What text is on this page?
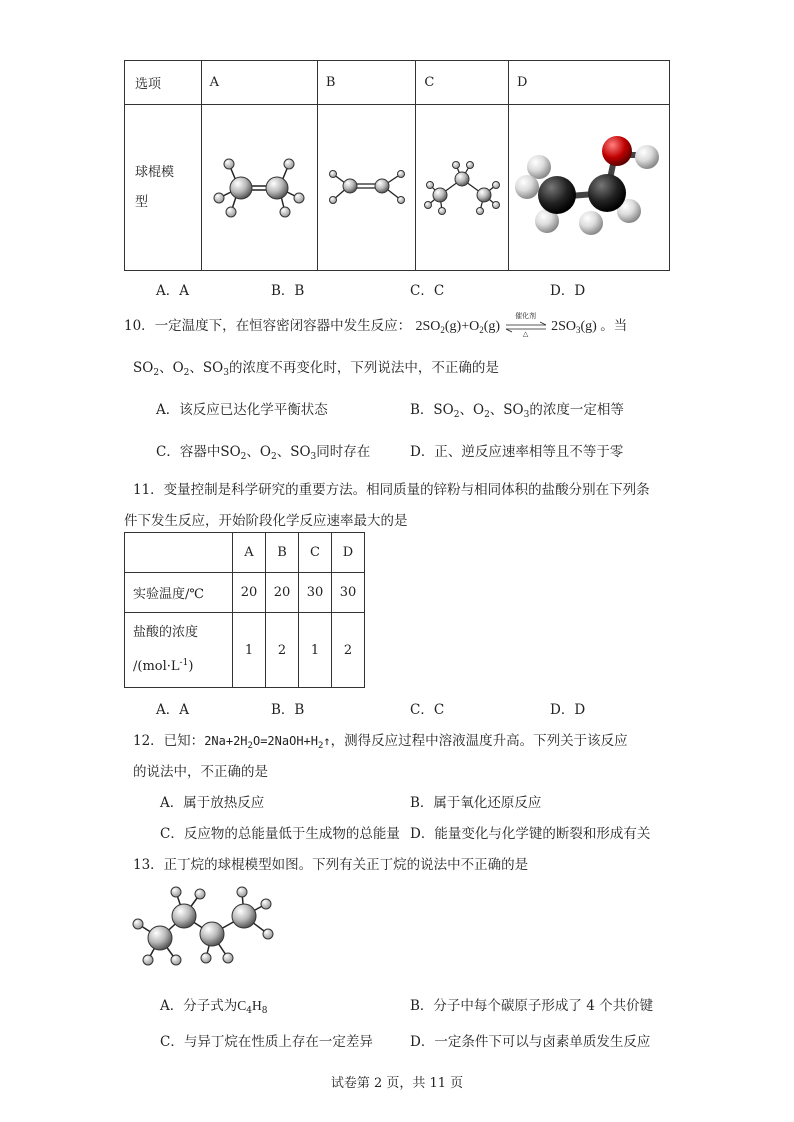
选项	A	B	C	D

球棍模
型

A．A	B．B	C．C	D．D
10．一定温度下，在恒容密闭容器中发生反应： $2SO_2(g)+O_2(g)$
催化剂
△	$2SO_3(g)$ 。当
$SO_2$、$O_2$、$SO_3$的浓度不再变化时，下列说法中，不正确的是
A．该反应已达化学平衡状态	B．$SO_2$、$O_2$、$SO_3$的浓度一定相等
C．容器中$SO_2$、$O_2$、$SO_3$同时存在	D．正、逆反应速率相等且不等于零
11．变量控制是科学研究的重要方法。相同质量的锌粉与相同体积的盐酸分别在下列条
件下发生反应，开始阶段化学反应速率最大的是
	A	B	C	D
实验温度/℃	20	20	30	30

盐酸的浓度
$/(mol\cdot L^{-1})$	1	2	1	2
A．A	B．B	C．C	D．D
12．已知：$2Na+2H_2O=2NaOH+H_2↑$，测得反应过程中溶液温度升高。下列关于该反应
的说法中，不正确的是
A．属于放热反应	B．属于氧化还原反应
C．反应物的总能量低于生成物的总能量 D．能量变化与化学键的断裂和形成有关
13．正丁烷的球棍模型如图。下列有关正丁烷的说法中不正确的是
A．分子式为$C_4H_8$	B．分子中每个碳原子形成了 4 个共价键
C．与异丁烷在性质上存在一定差异	D．一定条件下可以与卤素单质发生反应
试卷第 2 页，共 11 页
